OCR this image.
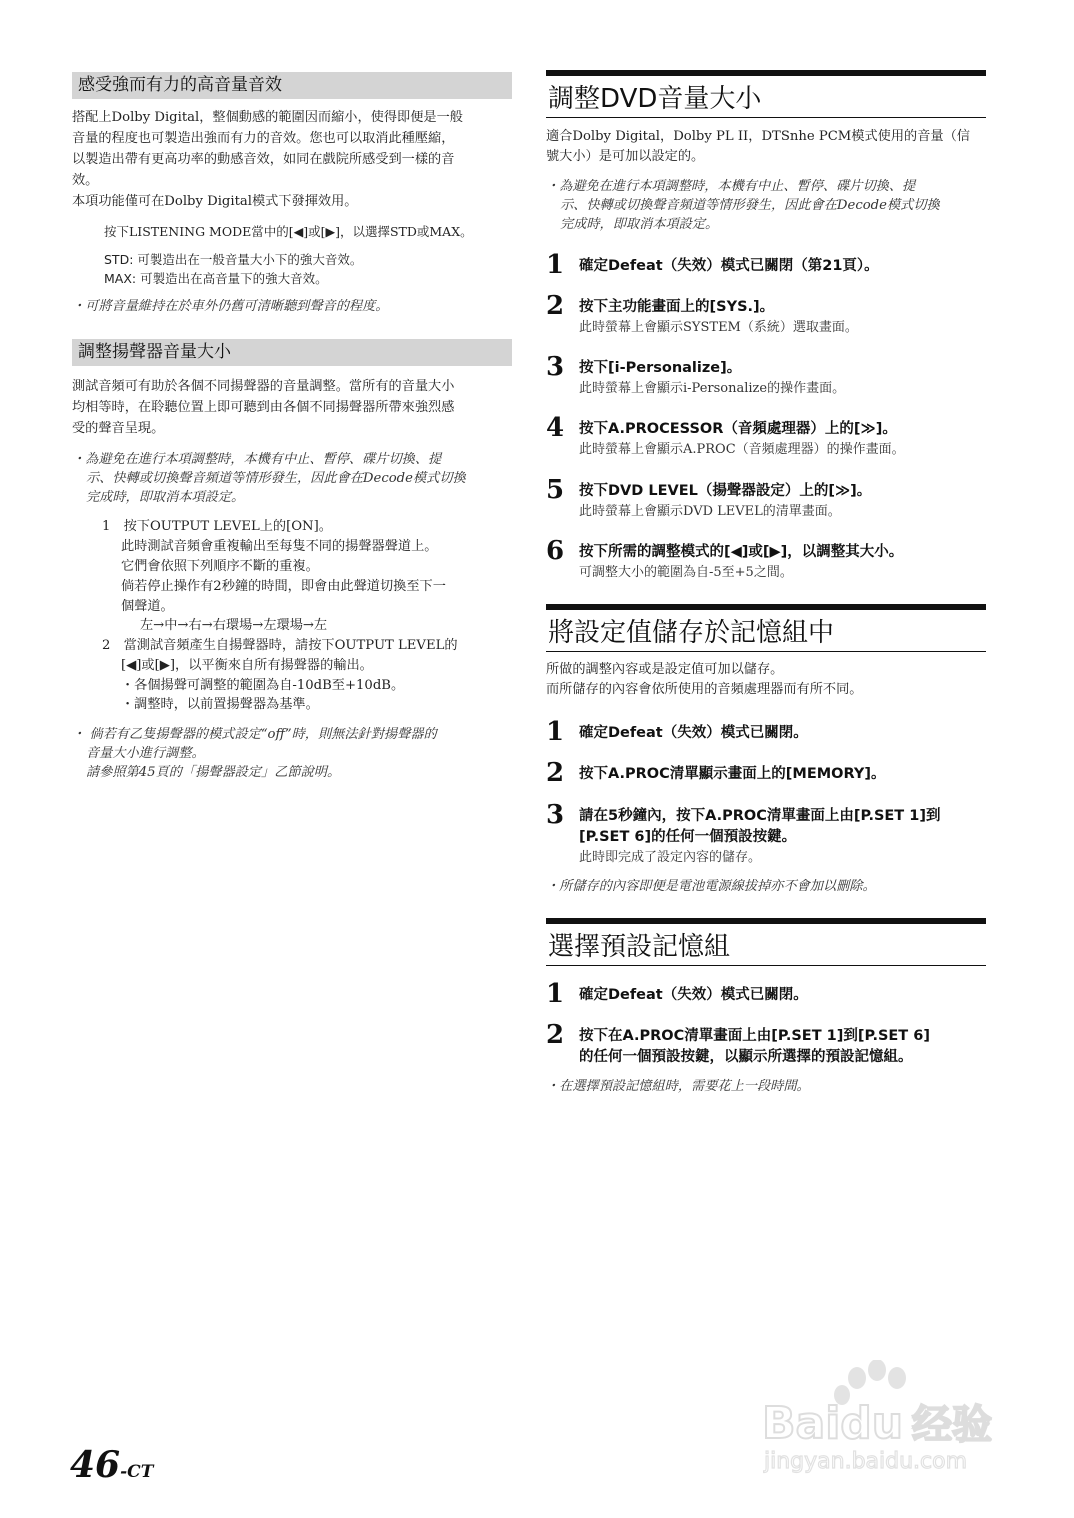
感受強而有力的高音量音效

搭配上Dolby Digital，整個動感的範圍因而縮小，使得即便是一般

音量的程度也可製造出強而有力的音效。您也可以取消此種壓縮，

以製造出帶有更高功率的動感音效，如同在戲院所感受到一樣的音

效。

本項功能僅可在Dolby Digital模式下發揮效用。

按下LISTENING MODE當中的[◀]或[▶]，以選擇STD或MAX。

STD: 可製造出在一般音量大小下的強大音效。

MAX: 可製造出在高音量下的強大音效。

・可將音量維持在於車外仍舊可清晰聽到聲音的程度。

調整揚聲器音量大小

測試音頻可有助於各個不同揚聲器的音量調整。當所有的音量大小

均相等時，在聆聽位置上即可聽到由各個不同揚聲器所帶來強烈感

受的聲音呈現。

・為避免在進行本項調整時，本機有中止、暫停、碟片切換、提

示、快轉或切換聲音頻道等情形發生，因此會在Decode模式切換

完成時，即取消本項設定。

1　按下OUTPUT LEVEL上的[ON]。

此時測試音頻會重複輸出至每隻不同的揚聲器聲道上。

它們會依照下列順序不斷的重複。

倘若停止操作有2秒鐘的時間，即會由此聲道切換至下一

個聲道。

左→中→右→右環場→左環場→左

2　當測試音頻產生自揚聲器時，請按下OUTPUT LEVEL的

[◀]或[▶]，以平衡來自所有揚聲器的輸出。

・各個揚聲可調整的範圍為自-10dB至+10dB。

・調整時，以前置揚聲器為基準。

・ 倘若有乙隻揚聲器的模式設定“off”時，則無法針對揚聲器的

音量大小進行調整。

請參照第45頁的「揚聲器設定」乙節說明。

調整DVD音量大小

適合Dolby Digital，Dolby PL II，DTSnhe PCM模式使用的音量（信

號大小）是可加以設定的。

・為避免在進行本項調整時，本機有中止、暫停、碟片切換、提

示、快轉或切換聲音頻道等情形發生，因此會在Decode模式切換

完成時，即取消本項設定。

1 確定Defeat（失效）模式已關閉（第21頁）。
2 按下主功能畫面上的[SYS.]。
此時螢幕上會顯示SYSTEM（系統）選取畫面。
3 按下[i-Personalize]。
此時螢幕上會顯示i-Personalize的操作畫面。
4 按下A.PROCESSOR（音頻處理器）上的[≫]。
此時螢幕上會顯示A.PROC（音頻處理器）的操作畫面。
5 按下DVD LEVEL（揚聲器設定）上的[≫]。
此時螢幕上會顯示DVD LEVEL的清單畫面。
6 按下所需的調整模式的[◀]或[▶]，以調整其大小。
可調整大小的範圍為自-5至+5之間。
將設定值儲存於記憶組中

所做的調整內容或是設定值可加以儲存。

而所儲存的內容會依所使用的音頻處理器而有所不同。

1 確定Defeat（失效）模式已關閉。
2 按下A.PROC清單顯示畫面上的[MEMORY]。
3 請在5秒鐘內，按下A.PROC清單畫面上由[P.SET 1]到
[P.SET 6]的任何一個預設按鍵。
此時即完成了設定內容的儲存。

・所儲存的內容即便是電池電源線拔掉亦不會加以刪除。

選擇預設記憶組
1 確定Defeat（失效）模式已關閉。
2 按下在A.PROC清單畫面上由[P.SET 1]到[P.SET 6]
的任何一個預設按鍵，以顯示所選擇的預設記憶組。

・在選擇預設記憶組時，需要花上一段時間。

46-CT
Baidu 经验
jingyan.baidu.com
